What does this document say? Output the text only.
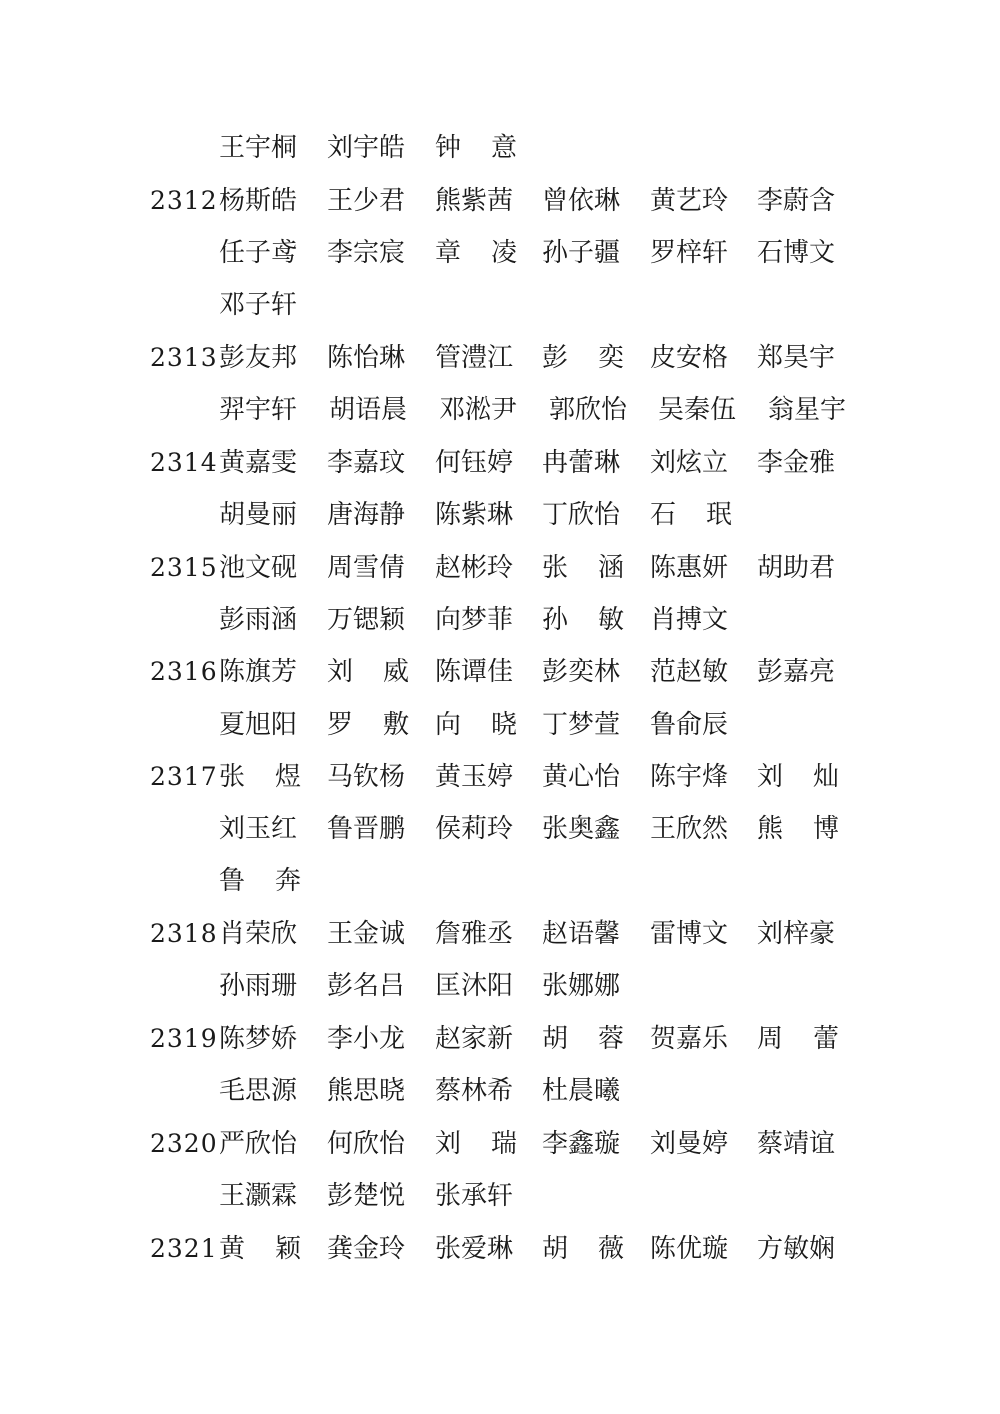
王宇桐 刘宇皓 钟 意
2312 杨斯皓 王少君 熊紫茜 曾依琳 黄艺玲 李蔚含
任子鸢 李宗宸 章 凌 孙子疆 罗梓轩 石博文
邓子轩
2313 彭友邦 陈怡琳 管澧江 彭 奕 皮安格 郑昊宇
羿宇轩 胡语晨 邓淞尹 郭欣怡 吴秦伍 翁星宇
2314 黄嘉雯 李嘉玟 何钰婷 冉蕾琳 刘炫立 李金雅
胡曼丽 唐海静 陈紫琳 丁欣怡 石 珉
2315 池文砚 周雪倩 赵彬玲 张 涵 陈惠妍 胡助君
彭雨涵 万锶颖 向梦菲 孙 敏 肖搏文
2316 陈旗芳 刘 威 陈谭佳 彭奕林 范赵敏 彭嘉亮
夏旭阳 罗 敷 向 晓 丁梦萱 鲁俞辰
2317 张 煜 马钦杨 黄玉婷 黄心怡 陈宇烽 刘 灿
刘玉红 鲁晋鹏 侯莉玲 张奥鑫 王欣然 熊 博
鲁 奔
2318 肖荣欣 王金诚 詹雅丞 赵语馨 雷博文 刘梓豪
孙雨珊 彭名吕 匡沐阳 张娜娜
2319 陈梦娇 李小龙 赵家新 胡 蓉 贺嘉乐 周 蕾
毛思源 熊思晓 蔡林希 杜晨曦
2320 严欣怡 何欣怡 刘 瑞 李鑫璇 刘曼婷 蔡靖谊
王灏霖 彭楚悦 张承轩
2321 黄 颖 龚金玲 张爱琳 胡 薇 陈优璇 方敏娴
